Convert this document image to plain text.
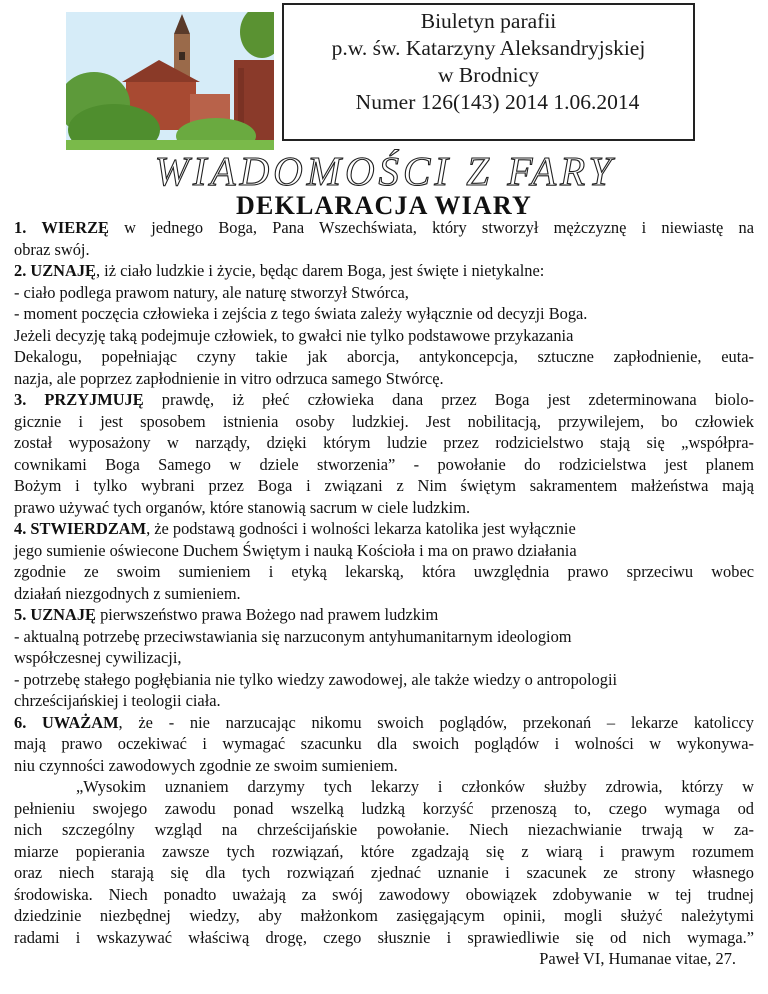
Biuletyn parafii
p.w. św. Katarzyny Aleksandryjskiej
w Brodnicy
Numer 126(143) 2014 1.06.2014
WIADOMOŚCI Z FARY
DEKLARACJA WIARY
1. WIERZĘ w jednego Boga, Pana Wszechświata, który stworzył mężczyznę i niewiastę na
obraz swój.
2. UZNAJĘ, iż ciało ludzkie i życie, będąc darem Boga, jest święte i nietykalne:
- ciało podlega prawom natury, ale naturę stworzył Stwórca,
- moment poczęcia człowieka i zejścia z tego świata zależy wyłącznie od decyzji Boga.
Jeżeli decyzję taką podejmuje człowiek, to gwałci nie tylko podstawowe przykazania
Dekalogu, popełniając czyny takie jak aborcja, antykoncepcja, sztuczne zapłodnienie, euta-
nazja, ale poprzez zapłodnienie in vitro odrzuca samego Stwórcę.
3. PRZYJMUJĘ prawdę, iż płeć człowieka dana przez Boga jest zdeterminowana biolo-
gicznie i jest sposobem istnienia osoby ludzkiej. Jest nobilitacją, przywilejem, bo człowiek
został wyposażony w narządy, dzięki którym ludzie przez rodzicielstwo stają się „współpra-
cownikami Boga Samego w dziele stworzenia” - powołanie do rodzicielstwa jest planem
Bożym i tylko wybrani przez Boga i związani z Nim świętym sakramentem małżeństwa mają
prawo używać tych organów, które stanowią sacrum w ciele ludzkim.
4. STWIERDZAM, że podstawą godności i wolności lekarza katolika jest wyłącznie
jego sumienie oświecone Duchem Świętym i nauką Kościoła i ma on prawo działania
zgodnie ze swoim sumieniem i etyką lekarską, która uwzględnia prawo sprzeciwu wobec
działań niezgodnych z sumieniem.
5. UZNAJĘ pierwszeństwo prawa Bożego nad prawem ludzkim
- aktualną potrzebę przeciwstawiania się narzuconym antyhumanitarnym ideologiom
współczesnej cywilizacji,
- potrzebę stałego pogłębiania nie tylko wiedzy zawodowej, ale także wiedzy o antropologii
chrześcijańskiej i teologii ciała.
6. UWAŻAM, że - nie narzucając nikomu swoich poglądów, przekonań – lekarze katoliccy
mają prawo oczekiwać i wymagać szacunku dla swoich poglądów i wolności w wykonywa-
niu czynności zawodowych zgodnie ze swoim sumieniem.
„Wysokim uznaniem darzymy tych lekarzy i członków służby zdrowia, którzy w
pełnieniu swojego zawodu ponad wszelką ludzką korzyść przenoszą to, czego wymaga od
nich szczególny wzgląd na chrześcijańskie powołanie. Niech niezachwianie trwają w za-
miarze popierania zawsze tych rozwiązań, które zgadzają się z wiarą i prawym rozumem
oraz niech starają się dla tych rozwiązań zjednać uznanie i szacunek ze strony własnego
środowiska. Niech ponadto uważają za swój zawodowy obowiązek zdobywanie w tej trudnej
dziedzinie niezbędnej wiedzy, aby małżonkom zasięgającym opinii, mogli służyć należytymi
radami i wskazywać właściwą drogę, czego słusznie i sprawiedliwie się od nich wymaga.”
Paweł VI, Humanae vitae, 27.
